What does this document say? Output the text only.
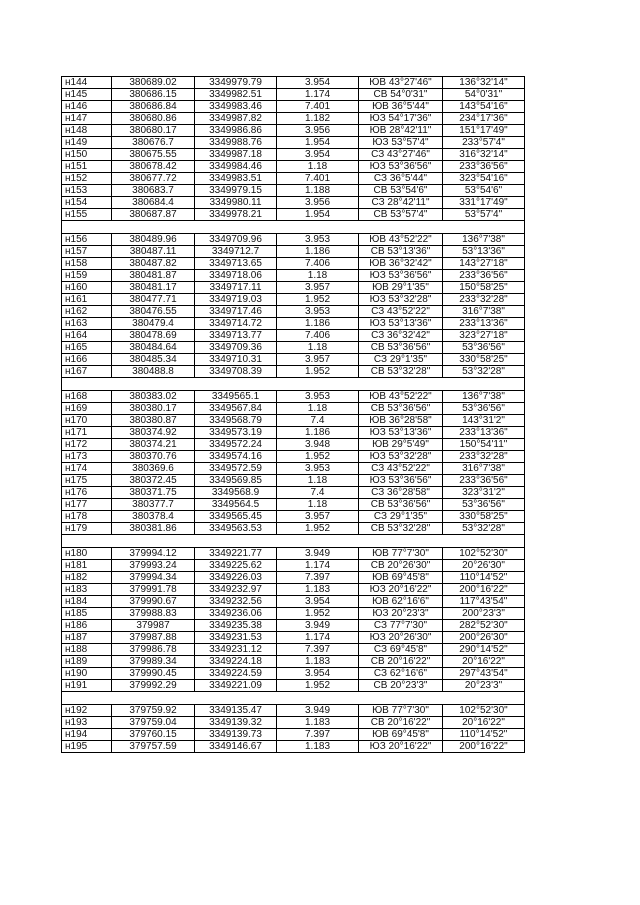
н144	380689.02	3349979.79	3.954	ЮВ 43°27'46"	136°32'14"
н145	380686.15	3349982.51	1.174	СВ 54°0'31"	54°0'31"
н146	380686.84	3349983.46	7.401	ЮВ 36°5'44"	143°54'16"
н147	380680.86	3349987.82	1.182	ЮЗ 54°17'36"	234°17'36"
н148	380680.17	3349986.86	3.956	ЮВ 28°42'11"	151°17'49"
н149	380676.7	3349988.76	1.954	ЮЗ 53°57'4"	233°57'4"
н150	380675.55	3349987.18	3.954	СЗ 43°27'46"	316°32'14"
н151	380678.42	3349984.46	1.18	ЮЗ 53°36'56"	233°36'56"
н152	380677.72	3349983.51	7.401	СЗ 36°5'44"	323°54'16"
н153	380683.7	3349979.15	1.188	СВ 53°54'6"	53°54'6"
н154	380684.4	3349980.11	3.956	СЗ 28°42'11"	331°17'49"
н155	380687.87	3349978.21	1.954	СВ 53°57'4"	53°57'4"

н156	380489.96	3349709.96	3.953	ЮВ 43°52'22"	136°7'38"
н157	380487.11	3349712.7	1.186	СВ 53°13'36"	53°13'36"
н158	380487.82	3349713.65	7.406	ЮВ 36°32'42"	143°27'18"
н159	380481.87	3349718.06	1.18	ЮЗ 53°36'56"	233°36'56"
н160	380481.17	3349717.11	3.957	ЮВ 29°1'35"	150°58'25"
н161	380477.71	3349719.03	1.952	ЮЗ 53°32'28"	233°32'28"
н162	380476.55	3349717.46	3.953	СЗ 43°52'22"	316°7'38"
н163	380479.4	3349714.72	1.186	ЮЗ 53°13'36"	233°13'36"
н164	380478.69	3349713.77	7.406	СЗ 36°32'42"	323°27'18"
н165	380484.64	3349709.36	1.18	СВ 53°36'56"	53°36'56"
н166	380485.34	3349710.31	3.957	СЗ 29°1'35"	330°58'25"
н167	380488.8	3349708.39	1.952	СВ 53°32'28"	53°32'28"

н168	380383.02	3349565.1	3.953	ЮВ 43°52'22"	136°7'38"
н169	380380.17	3349567.84	1.18	СВ 53°36'56"	53°36'56"
н170	380380.87	3349568.79	7.4	ЮВ 36°28'58"	143°31'2"
н171	380374.92	3349573.19	1.186	ЮЗ 53°13'36"	233°13'36"
н172	380374.21	3349572.24	3.948	ЮВ 29°5'49"	150°54'11"
н173	380370.76	3349574.16	1.952	ЮЗ 53°32'28"	233°32'28"
н174	380369.6	3349572.59	3.953	СЗ 43°52'22"	316°7'38"
н175	380372.45	3349569.85	1.18	ЮЗ 53°36'56"	233°36'56"
н176	380371.75	3349568.9	7.4	СЗ 36°28'58"	323°31'2"
н177	380377.7	3349564.5	1.18	СВ 53°36'56"	53°36'56"
н178	380378.4	3349565.45	3.957	СЗ 29°1'35"	330°58'25"
н179	380381.86	3349563.53	1.952	СВ 53°32'28"	53°32'28"

н180	379994.12	3349221.77	3.949	ЮВ 77°7'30"	102°52'30"
н181	379993.24	3349225.62	1.174	СВ 20°26'30"	20°26'30"
н182	379994.34	3349226.03	7.397	ЮВ 69°45'8"	110°14'52"
н183	379991.78	3349232.97	1.183	ЮЗ 20°16'22"	200°16'22"
н184	379990.67	3349232.56	3.954	ЮВ 62°16'6"	117°43'54"
н185	379988.83	3349236.06	1.952	ЮЗ 20°23'3"	200°23'3"
н186	379987	3349235.38	3.949	СЗ 77°7'30"	282°52'30"
н187	379987.88	3349231.53	1.174	ЮЗ 20°26'30"	200°26'30"
н188	379986.78	3349231.12	7.397	СЗ 69°45'8"	290°14'52"
н189	379989.34	3349224.18	1.183	СВ 20°16'22"	20°16'22"
н190	379990.45	3349224.59	3.954	СЗ 62°16'6"	297°43'54"
н191	379992.29	3349221.09	1.952	СВ 20°23'3"	20°23'3"

н192	379759.92	3349135.47	3.949	ЮВ 77°7'30"	102°52'30"
н193	379759.04	3349139.32	1.183	СВ 20°16'22"	20°16'22"
н194	379760.15	3349139.73	7.397	ЮВ 69°45'8"	110°14'52"
н195	379757.59	3349146.67	1.183	ЮЗ 20°16'22"	200°16'22"
